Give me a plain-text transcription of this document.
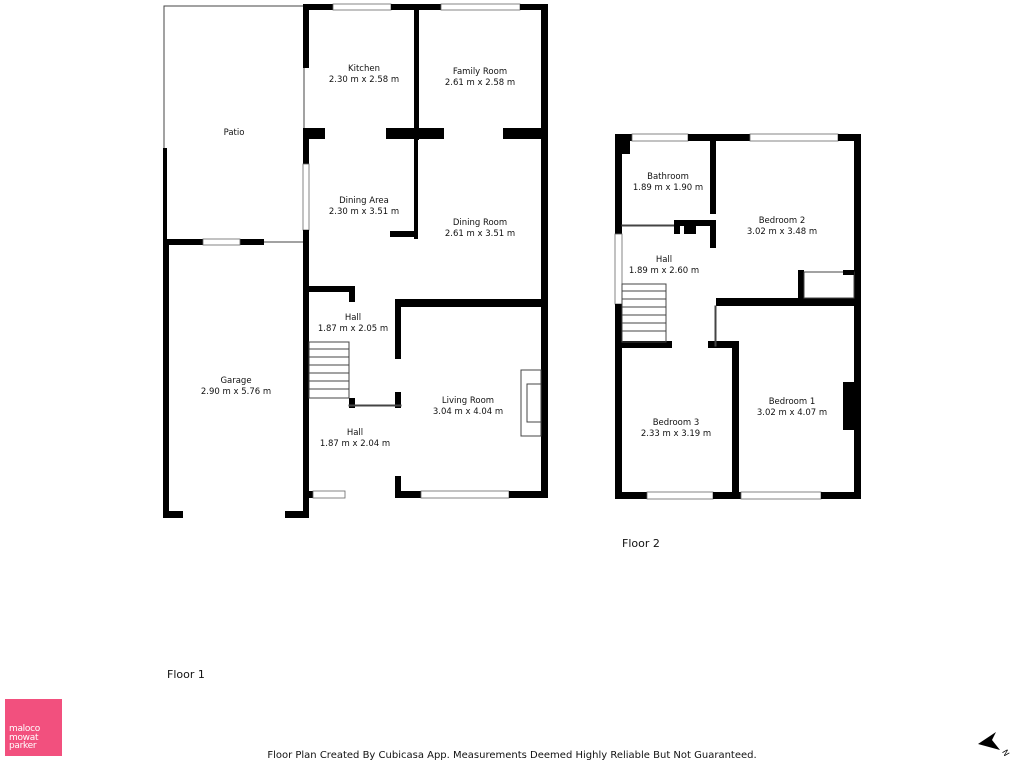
Patio
Kitchen
2.30 m x 2.58 m
Family Room
2.61 m x 2.58 m
Dining Area
2.30 m x 3.51 m
Dining Room
2.61 m x 3.51 m
Garage
2.90 m x 5.76 m
Hall
1.87 m x 2.05 m
Hall
1.87 m x 2.04 m
Living Room
3.04 m x 4.04 m
Bathroom
1.89 m x 1.90 m
Bedroom 2
3.02 m x 3.48 m
Hall
1.89 m x 2.60 m
Bedroom 3
2.33 m x 3.19 m
Bedroom 1
3.02 m x 4.07 m
Floor 1
Floor 2
maloco
mowat
parker
Floor Plan Created By Cubicasa App. Measurements Deemed Highly Reliable But Not Guaranteed.	N
